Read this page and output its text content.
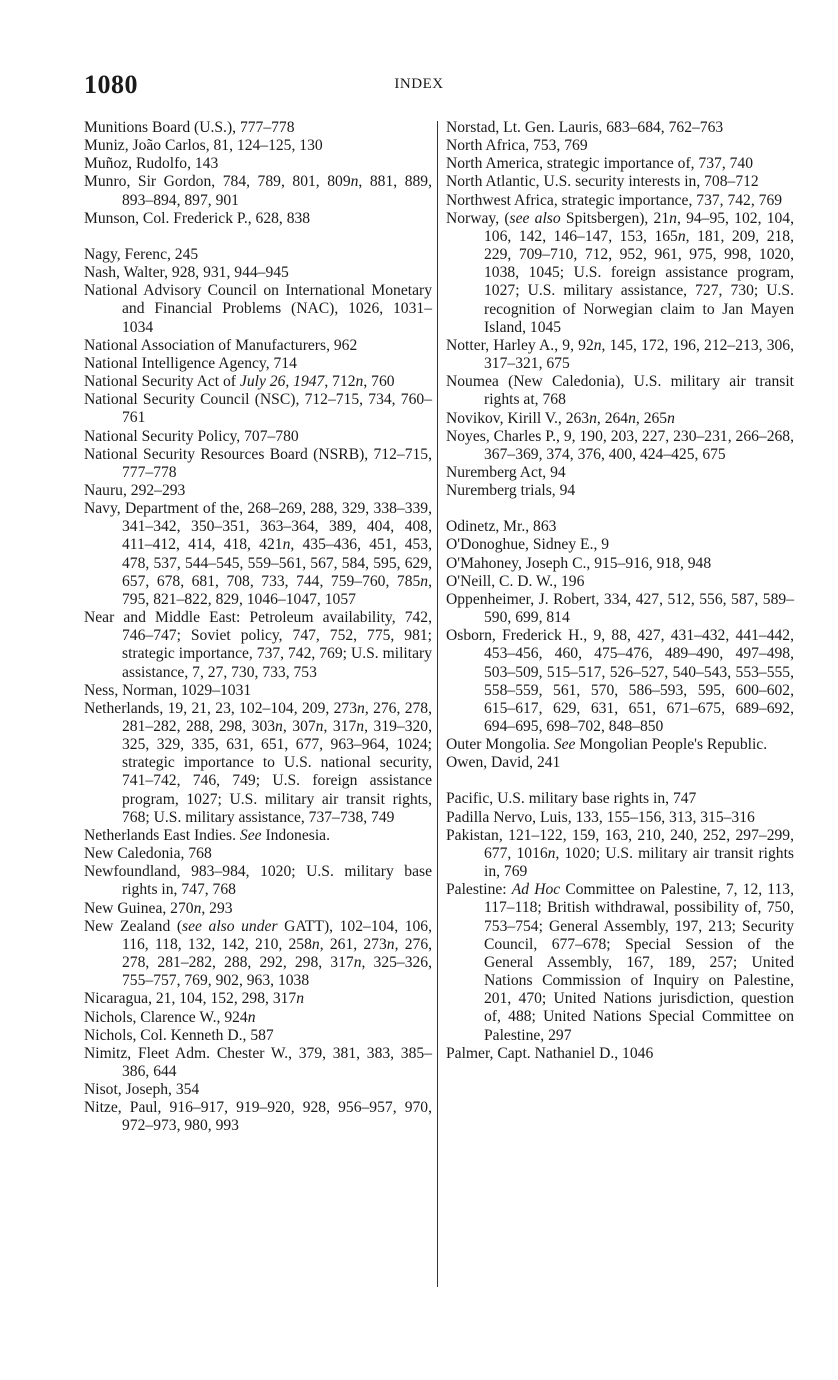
1080	INDEX
Munitions Board (U.S.), 777–778
Muniz, João Carlos, 81, 124–125, 130
Muñoz, Rudolfo, 143
Munro, Sir Gordon, 784, 789, 801, 809n, 881, 889, 893–894, 897, 901
Munson, Col. Frederick P., 628, 838
Nagy, Ferenc, 245
Nash, Walter, 928, 931, 944–945
National Advisory Council on International Monetary and Financial Problems (NAC), 1026, 1031–1034
National Association of Manufacturers, 962
National Intelligence Agency, 714
National Security Act of July 26, 1947, 712n, 760
National Security Council (NSC), 712–715, 734, 760–761
National Security Policy, 707–780
National Security Resources Board (NSRB), 712–715, 777–778
Nauru, 292–293
Navy, Department of the, 268–269, 288, 329, 338–339, 341–342, 350–351, 363–364, 389, 404, 408, 411–412, 414, 418, 421n, 435–436, 451, 453, 478, 537, 544–545, 559–561, 567, 584, 595, 629, 657, 678, 681, 708, 733, 744, 759–760, 785n, 795, 821–822, 829, 1046–1047, 1057
Near and Middle East: Petroleum availability, 742, 746–747; Soviet policy, 747, 752, 775, 981; strategic importance, 737, 742, 769; U.S. military assistance, 7, 27, 730, 733, 753
Ness, Norman, 1029–1031
Netherlands, 19, 21, 23, 102–104, 209, 273n, 276, 278, 281–282, 288, 298, 303n, 307n, 317n, 319–320, 325, 329, 335, 631, 651, 677, 963–964, 1024; strategic importance to U.S. national security, 741–742, 746, 749; U.S. foreign assistance program, 1027; U.S. military air transit rights, 768; U.S. military assistance, 737–738, 749
Netherlands East Indies. See Indonesia.
New Caledonia, 768
Newfoundland, 983–984, 1020; U.S. military base rights in, 747, 768
New Guinea, 270n, 293
New Zealand (see also under GATT), 102–104, 106, 116, 118, 132, 142, 210, 258n, 261, 273n, 276, 278, 281–282, 288, 292, 298, 317n, 325–326, 755–757, 769, 902, 963, 1038
Nicaragua, 21, 104, 152, 298, 317n
Nichols, Clarence W., 924n
Nichols, Col. Kenneth D., 587
Nimitz, Fleet Adm. Chester W., 379, 381, 383, 385–386, 644
Nisot, Joseph, 354
Nitze, Paul, 916–917, 919–920, 928, 956–957, 970, 972–973, 980, 993
Norstad, Lt. Gen. Lauris, 683–684, 762–763
North Africa, 753, 769
North America, strategic importance of, 737, 740
North Atlantic, U.S. security interests in, 708–712
Northwest Africa, strategic importance, 737, 742, 769
Norway, (see also Spitsbergen), 21n, 94–95, 102, 104, 106, 142, 146–147, 153, 165n, 181, 209, 218, 229, 709–710, 712, 952, 961, 975, 998, 1020, 1038, 1045; U.S. foreign assistance program, 1027; U.S. military assistance, 727, 730; U.S. recognition of Norwegian claim to Jan Mayen Island, 1045
Notter, Harley A., 9, 92n, 145, 172, 196, 212–213, 306, 317–321, 675
Noumea (New Caledonia), U.S. military air transit rights at, 768
Novikov, Kirill V., 263n, 264n, 265n
Noyes, Charles P., 9, 190, 203, 227, 230–231, 266–268, 367–369, 374, 376, 400, 424–425, 675
Nuremberg Act, 94
Nuremberg trials, 94
Odinetz, Mr., 863
O'Donoghue, Sidney E., 9
O'Mahoney, Joseph C., 915–916, 918, 948
O'Neill, C. D. W., 196
Oppenheimer, J. Robert, 334, 427, 512, 556, 587, 589–590, 699, 814
Osborn, Frederick H., 9, 88, 427, 431–432, 441–442, 453–456, 460, 475–476, 489–490, 497–498, 503–509, 515–517, 526–527, 540–543, 553–555, 558–559, 561, 570, 586–593, 595, 600–602, 615–617, 629, 631, 651, 671–675, 689–692, 694–695, 698–702, 848–850
Outer Mongolia. See Mongolian People's Republic.
Owen, David, 241
Pacific, U.S. military base rights in, 747
Padilla Nervo, Luis, 133, 155–156, 313, 315–316
Pakistan, 121–122, 159, 163, 210, 240, 252, 297–299, 677, 1016n, 1020; U.S. military air transit rights in, 769
Palestine: Ad Hoc Committee on Palestine, 7, 12, 113, 117–118; British withdrawal, possibility of, 750, 753–754; General Assembly, 197, 213; Security Council, 677–678; Special Session of the General Assembly, 167, 189, 257; United Nations Commission of Inquiry on Palestine, 201, 470; United Nations jurisdiction, question of, 488; United Nations Special Committee on Palestine, 297
Palmer, Capt. Nathaniel D., 1046
